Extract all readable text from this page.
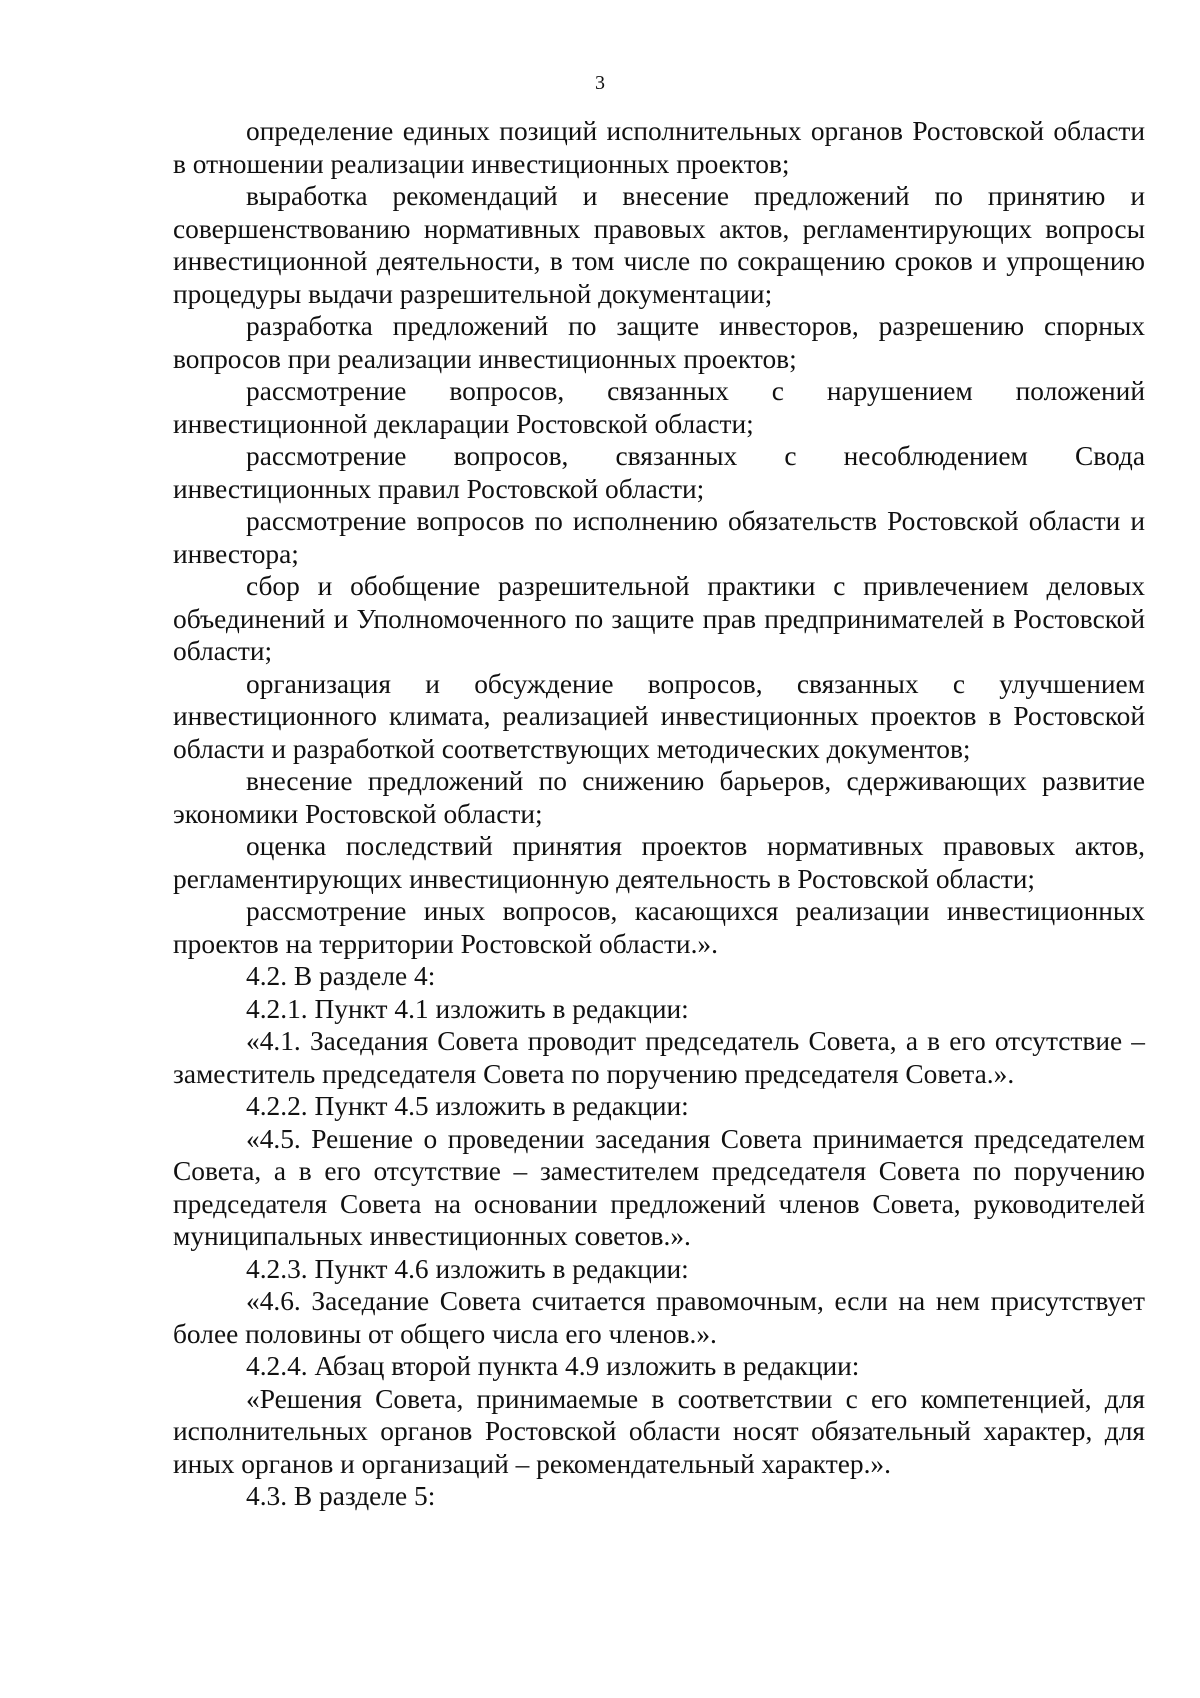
3

определение единых позиций исполнительных органов Ростовской области в отношении реализации инвестиционных проектов;

выработка рекомендаций и внесение предложений по принятию и совершенствованию нормативных правовых актов, регламентирующих вопросы инвестиционной деятельности, в том числе по сокращению сроков и упрощению процедуры выдачи разрешительной документации;

разработка предложений по защите инвесторов, разрешению спорных вопросов при реализации инвестиционных проектов;

рассмотрение вопросов, связанных с нарушением положений инвестиционной декларации Ростовской области;

рассмотрение вопросов, связанных с несоблюдением Свода инвестиционных правил Ростовской области;

рассмотрение вопросов по исполнению обязательств Ростовской области и инвестора;

сбор и обобщение разрешительной практики с привлечением деловых объединений и Уполномоченного по защите прав предпринимателей в Ростовской области;

организация и обсуждение вопросов, связанных с улучшением инвестиционного климата, реализацией инвестиционных проектов в Ростовской области и разработкой соответствующих методических документов;

внесение предложений по снижению барьеров, сдерживающих развитие экономики Ростовской области;

оценка последствий принятия проектов нормативных правовых актов, регламентирующих инвестиционную деятельность в Ростовской области;

рассмотрение иных вопросов, касающихся реализации инвестиционных проектов на территории Ростовской области.».

4.2. В разделе 4:

4.2.1. Пункт 4.1 изложить в редакции:

«4.1. Заседания Совета проводит председатель Совета, а в его отсутствие – заместитель председателя Совета по поручению председателя Совета.».

4.2.2. Пункт 4.5 изложить в редакции:

«4.5. Решение о проведении заседания Совета принимается председателем Совета, а в его отсутствие – заместителем председателя Совета по поручению председателя Совета на основании предложений членов Совета, руководителей муниципальных инвестиционных советов.».

4.2.3. Пункт 4.6 изложить в редакции:

«4.6. Заседание Совета считается правомочным, если на нем присутствует более половины от общего числа его членов.».

4.2.4. Абзац второй пункта 4.9 изложить в редакции:

«Решения Совета, принимаемые в соответствии с его компетенцией, для исполнительных органов Ростовской области носят обязательный характер, для иных органов и организаций – рекомендательный характер.».

4.3. В разделе 5:
